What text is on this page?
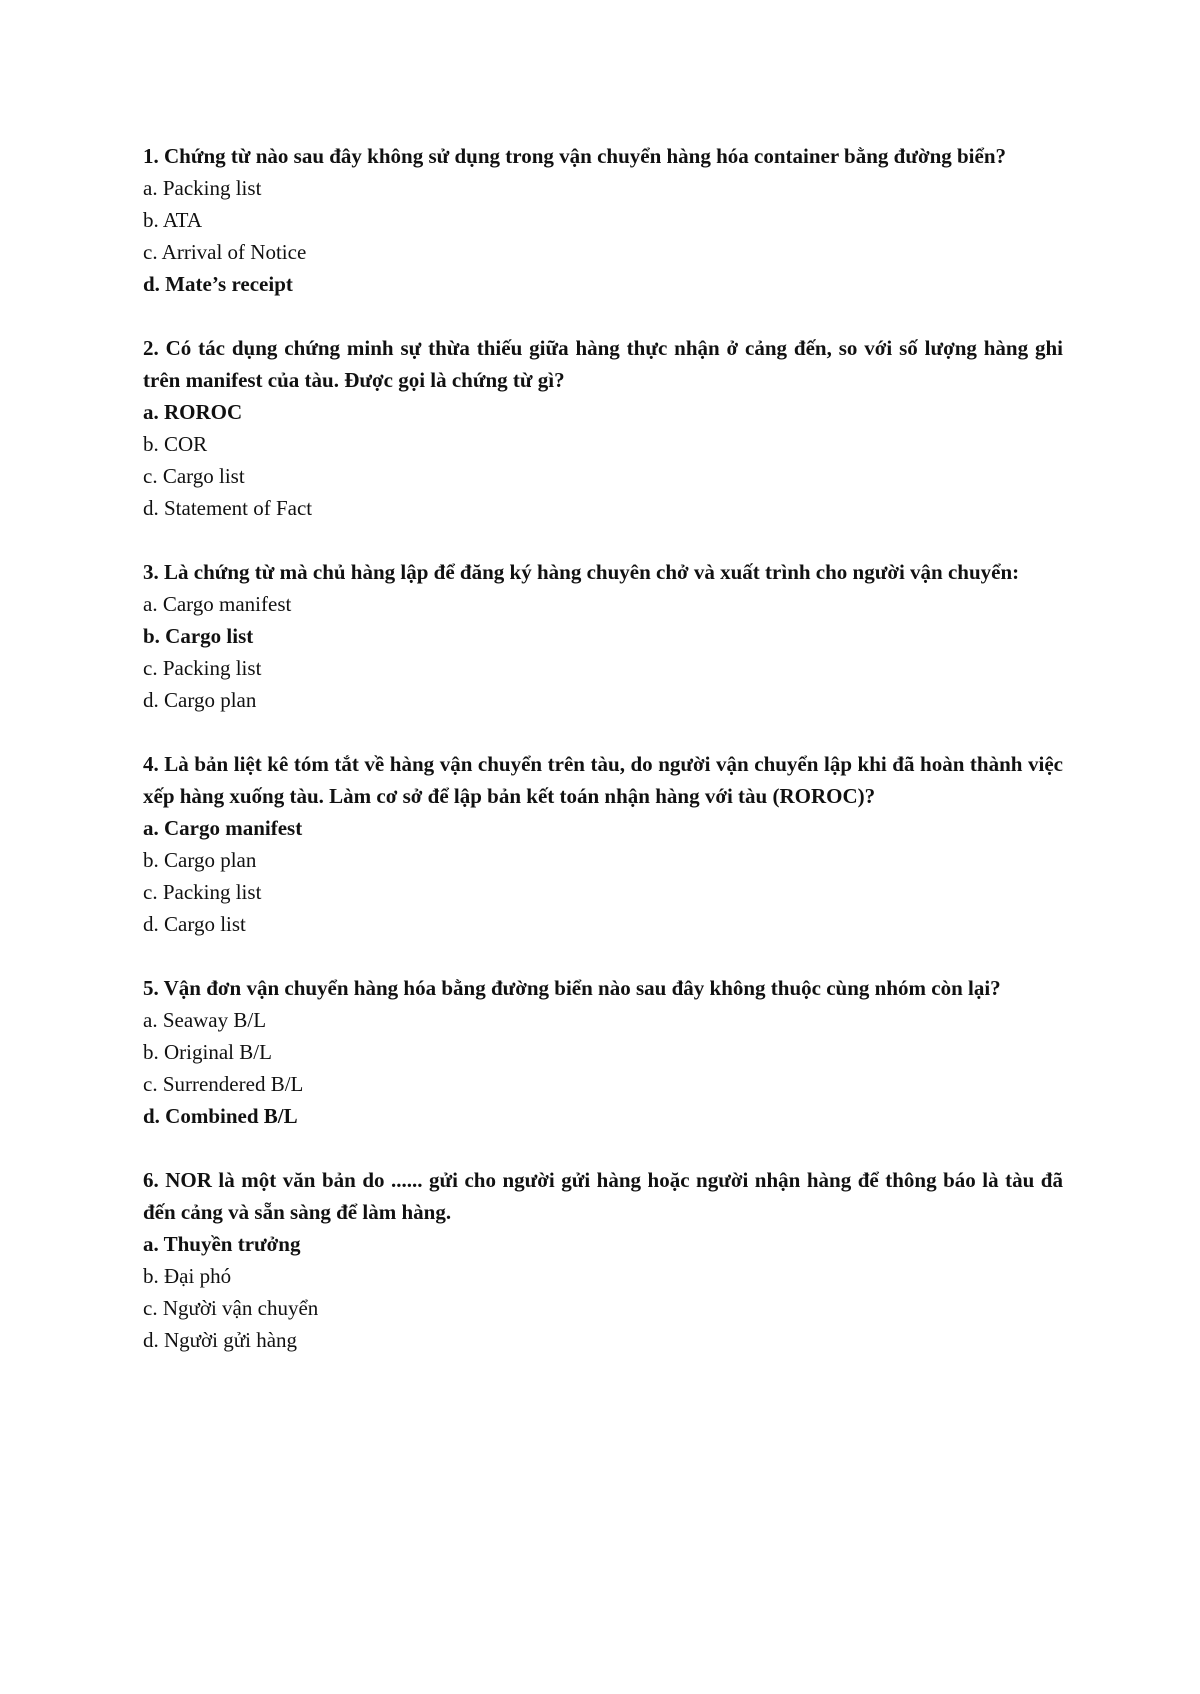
1. Chứng từ nào sau đây không sử dụng trong vận chuyển hàng hóa container bằng đường biển?

a. Packing list

b. ATA

c. Arrival of Notice

d. Mate’s receipt

2. Có tác dụng chứng minh sự thừa thiếu giữa hàng thực nhận ở cảng đến, so với số lượng hàng ghi trên manifest của tàu. Được gọi là chứng từ gì?

a. ROROC

b. COR

c. Cargo list

d. Statement of Fact

3. Là chứng từ mà chủ hàng lập để đăng ký hàng chuyên chở và xuất trình cho người vận chuyển:

a. Cargo manifest

b. Cargo list

c. Packing list

d. Cargo plan

4. Là bản liệt kê tóm tắt về hàng vận chuyển trên tàu, do người vận chuyển lập khi đã hoàn thành việc xếp hàng xuống tàu. Làm cơ sở để lập bản kết toán nhận hàng với tàu (ROROC)?

a. Cargo manifest

b. Cargo plan

c. Packing list

d. Cargo list

5. Vận đơn vận chuyển hàng hóa bằng đường biển nào sau đây không thuộc cùng nhóm còn lại?

a. Seaway B/L

b. Original B/L

c. Surrendered B/L

d. Combined B/L

6. NOR là một văn bản do ...... gửi cho người gửi hàng hoặc người nhận hàng để thông báo là tàu đã đến cảng và sẵn sàng để làm hàng.

a. Thuyền trưởng

b. Đại phó

c. Người vận chuyển

d. Người gửi hàng
